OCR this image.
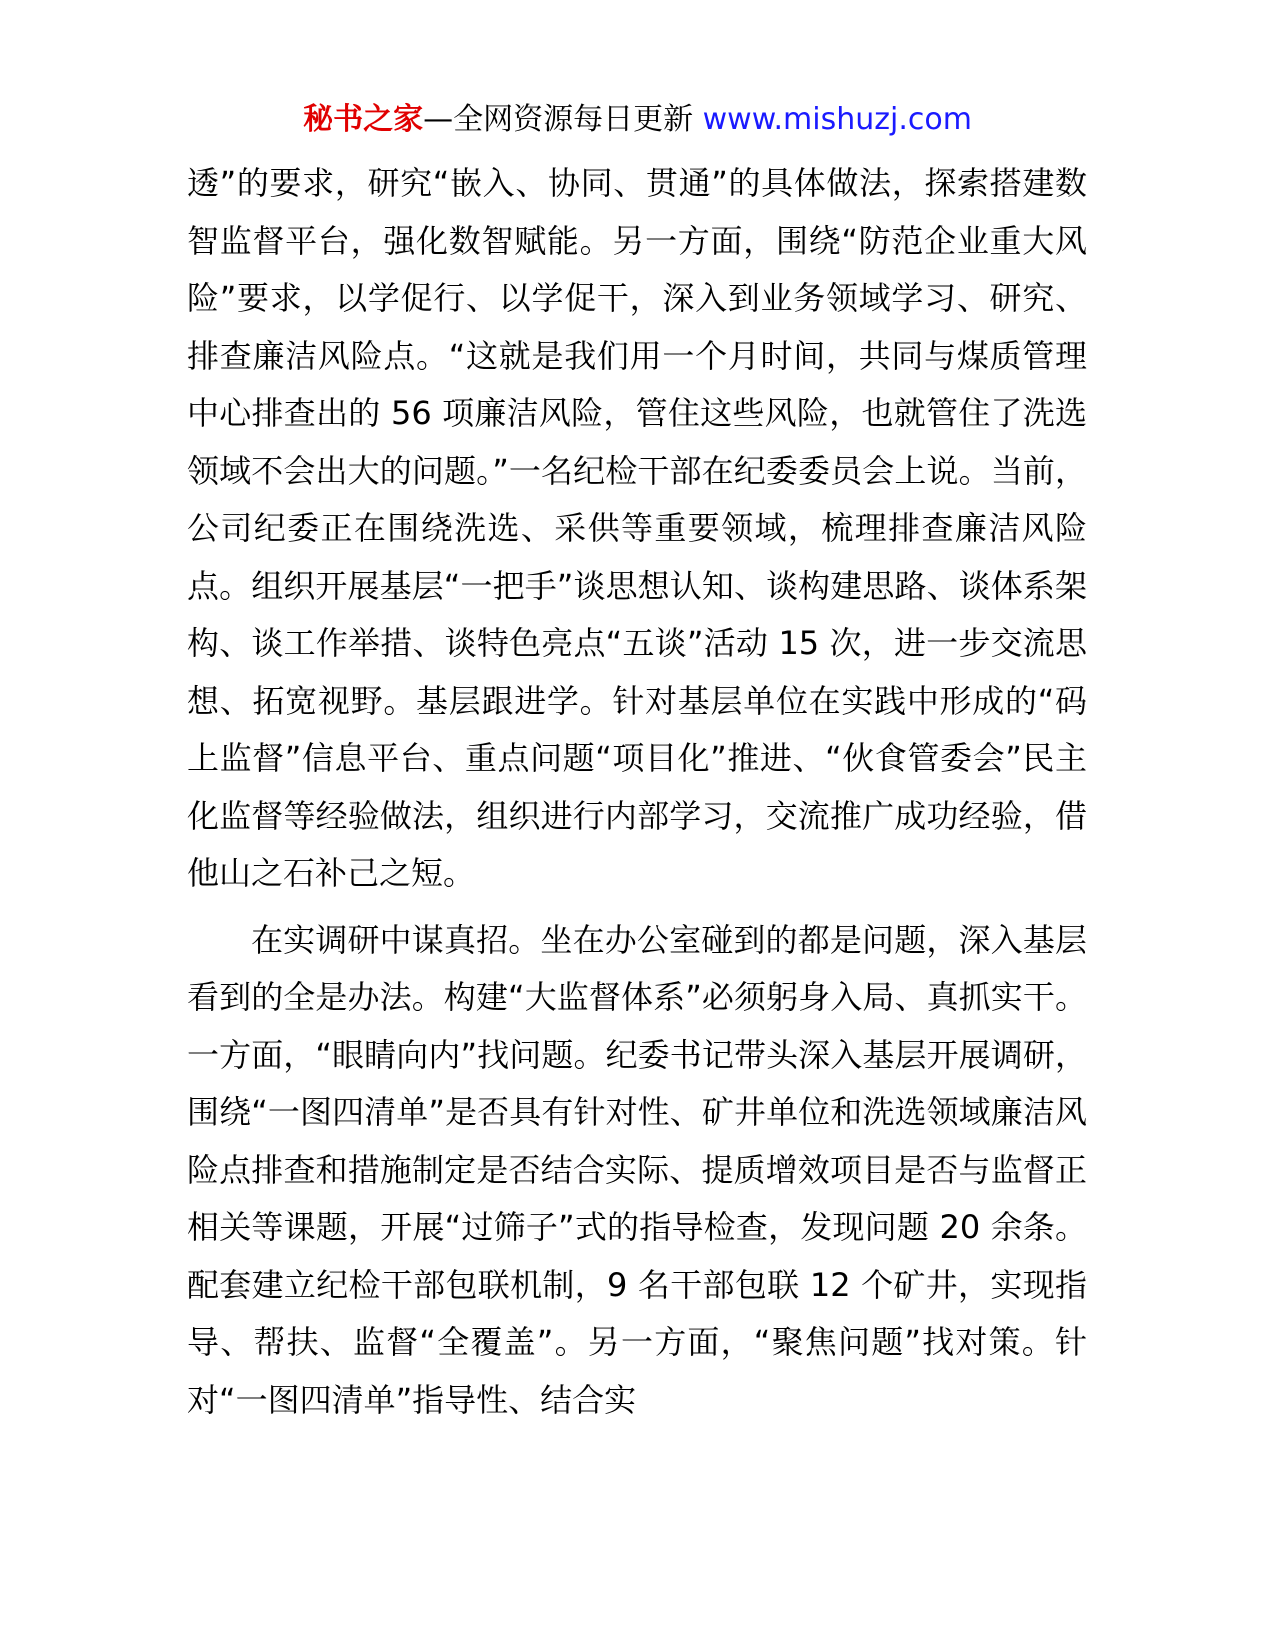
秘书之家—全网资源每日更新 www.mishuzj.com

透”的要求，研究“嵌入、协同、贯通”的具体做法，探索搭建数智监督平台，强化数智赋能。另一方面，围绕“防范企业重大风险”要求，以学促行、以学促干，深入到业务领域学习、研究、排查廉洁风险点。“这就是我们用一个月时间，共同与煤质管理中心排查出的 56 项廉洁风险，管住这些风险，也就管住了洗选领域不会出大的问题。”一名纪检干部在纪委委员会上说。当前，公司纪委正在围绕洗选、采供等重要领域，梳理排查廉洁风险点。组织开展基层“一把手”谈思想认知、谈构建思路、谈体系架构、谈工作举措、谈特色亮点“五谈”活动 15 次，进一步交流思想、拓宽视野。基层跟进学。针对基层单位在实践中形成的“码上监督”信息平台、重点问题“项目化”推进、“伙食管委会”民主化监督等经验做法，组织进行内部学习，交流推广成功经验，借他山之石补己之短。

在实调研中谋真招。坐在办公室碰到的都是问题，深入基层看到的全是办法。构建“大监督体系”必须躬身入局、真抓实干。一方面，“眼睛向内”找问题。纪委书记带头深入基层开展调研，围绕“一图四清单”是否具有针对性、矿井单位和洗选领域廉洁风险点排查和措施制定是否结合实际、提质增效项目是否与监督正相关等课题，开展“过筛子”式的指导检查，发现问题 20 余条。配套建立纪检干部包联机制，9 名干部包联 12 个矿井，实现指导、帮扶、监督“全覆盖”。另一方面，“聚焦问题”找对策。针对“一图四清单”指导性、结合实
